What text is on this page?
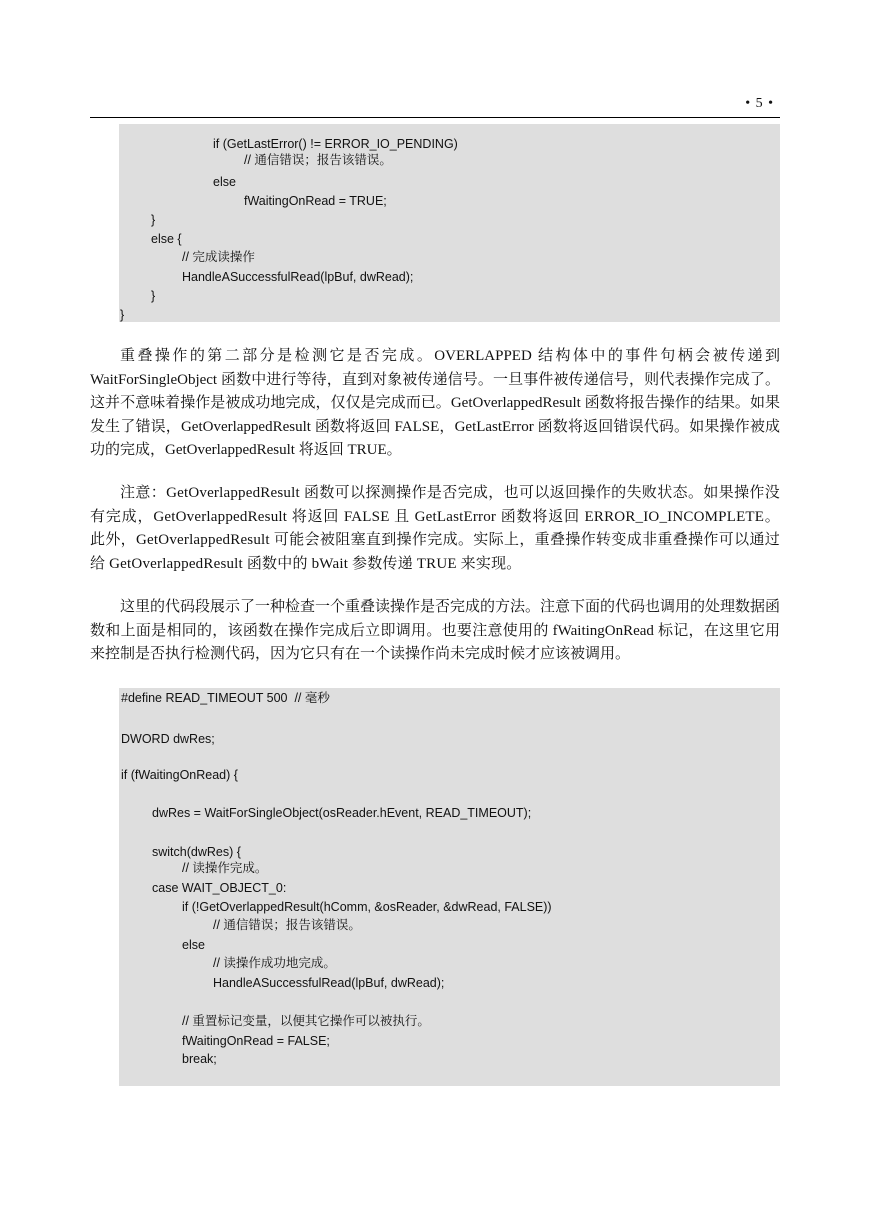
• 5 •
if (GetLastError() != ERROR_IO_PENDING)
// 通信错误；报告该错误。
else
fWaitingOnRead = TRUE;
}
else {
// 完成读操作
HandleASuccessfulRead(lpBuf, dwRead);
}
}

重叠操作的第二部分是检测它是否完成。OVERLAPPED 结构体中的事件句柄会被传递到 WaitForSingleObject 函数中进行等待，直到对象被传递信号。一旦事件被传递信号，则代表操作完成了。这并不意味着操作是被成功地完成，仅仅是完成而已。GetOverlappedResult 函数将报告操作的结果。如果发生了错误，GetOverlappedResult 函数将返回 FALSE，GetLastError 函数将返回错误代码。如果操作被成功的完成，GetOverlappedResult 将返回 TRUE。

注意：GetOverlappedResult 函数可以探测操作是否完成，也可以返回操作的失败状态。如果操作没有完成，GetOverlappedResult 将返回 FALSE 且 GetLastError 函数将返回 ERROR_IO_INCOMPLETE。此外，GetOverlappedResult 可能会被阻塞直到操作完成。实际上，重叠操作转变成非重叠操作可以通过给 GetOverlappedResult 函数中的 bWait 参数传递 TRUE 来实现。

这里的代码段展示了一种检查一个重叠读操作是否完成的方法。注意下面的代码也调用的处理数据函数和上面是相同的，该函数在操作完成后立即调用。也要注意使用的 fWaitingOnRead 标记，在这里它用来控制是否执行检测代码，因为它只有在一个读操作尚未完成时候才应该被调用。

#define READ_TIMEOUT 500  // 毫秒
DWORD dwRes;
if (fWaitingOnRead) {
dwRes = WaitForSingleObject(osReader.hEvent, READ_TIMEOUT);
switch(dwRes) {
// 读操作完成。
case WAIT_OBJECT_0:
if (!GetOverlappedResult(hComm, &osReader, &dwRead, FALSE))
// 通信错误；报告该错误。
else
// 读操作成功地完成。
HandleASuccessfulRead(lpBuf, dwRead);
// 重置标记变量，以便其它操作可以被执行。
fWaitingOnRead = FALSE;
break;
